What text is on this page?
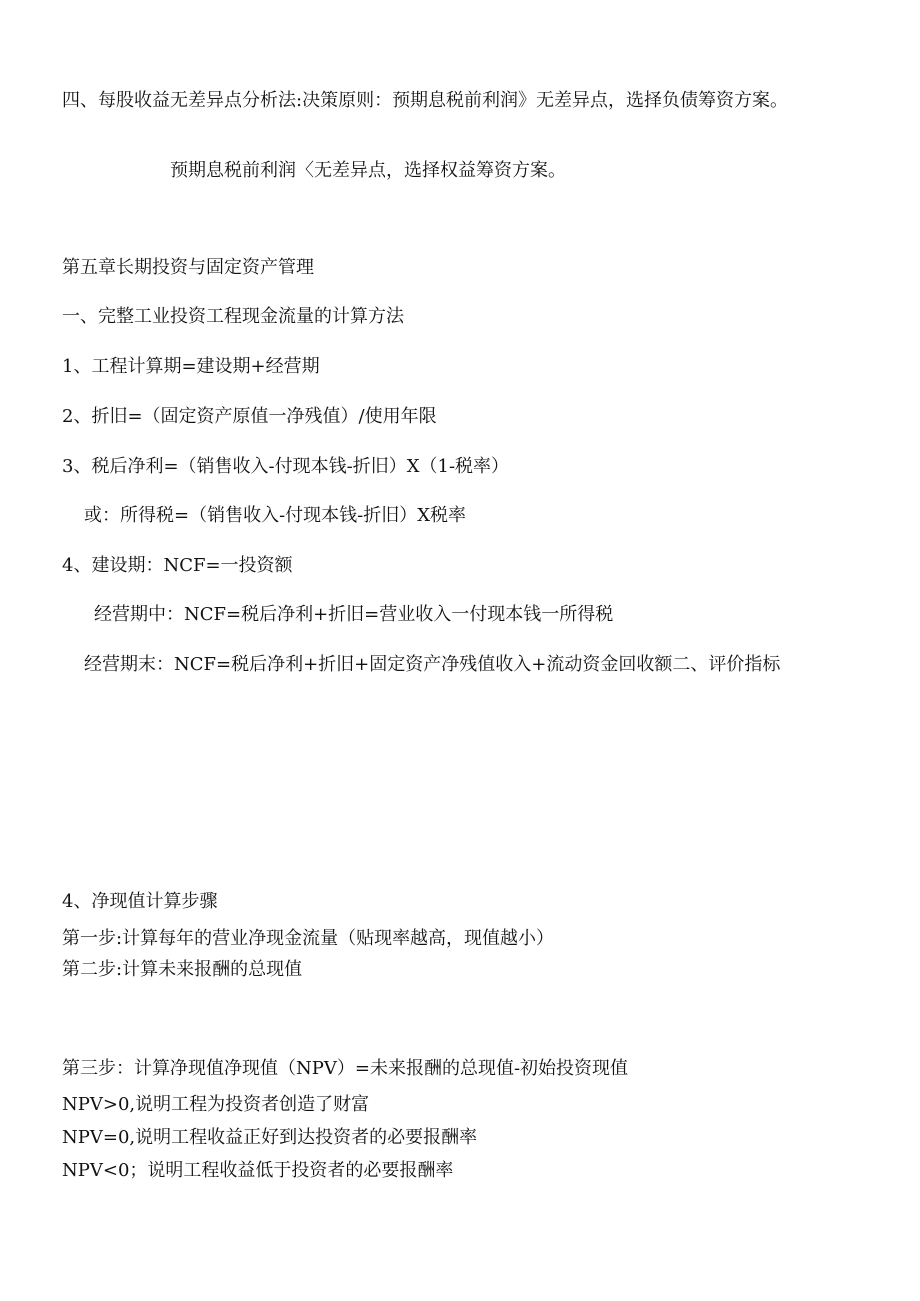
四、每股收益无差异点分析法:决策原则：预期息税前利润》无差异点，选择负债筹资方案。
预期息税前利润〈无差异点，选择权益筹资方案。
第五章长期投资与固定资产管理
一、完整工业投资工程现金流量的计算方法
1、工程计算期=建设期+经营期
2、折旧=（固定资产原值一净残值）/使用年限
3、税后净利=（销售收入-付现本钱-折旧）X（1-税率）
或：所得税=（销售收入-付现本钱-折旧）X税率
4、建设期：NCF=一投资额
经营期中：NCF=税后净利+折旧=营业收入一付现本钱一所得税
经营期末：NCF=税后净利+折旧+固定资产净残值收入+流动资金回收额二、评价指标
4、净现值计算步骤
第一步:计算每年的营业净现金流量（贴现率越高，现值越小）
第二步:计算未来报酬的总现值
第三步：计算净现值净现值（NPV）=未来报酬的总现值-初始投资现值
NPV>0,说明工程为投资者创造了财富
NPV=0,说明工程收益正好到达投资者的必要报酬率
NPV<0；说明工程收益低于投资者的必要报酬率
